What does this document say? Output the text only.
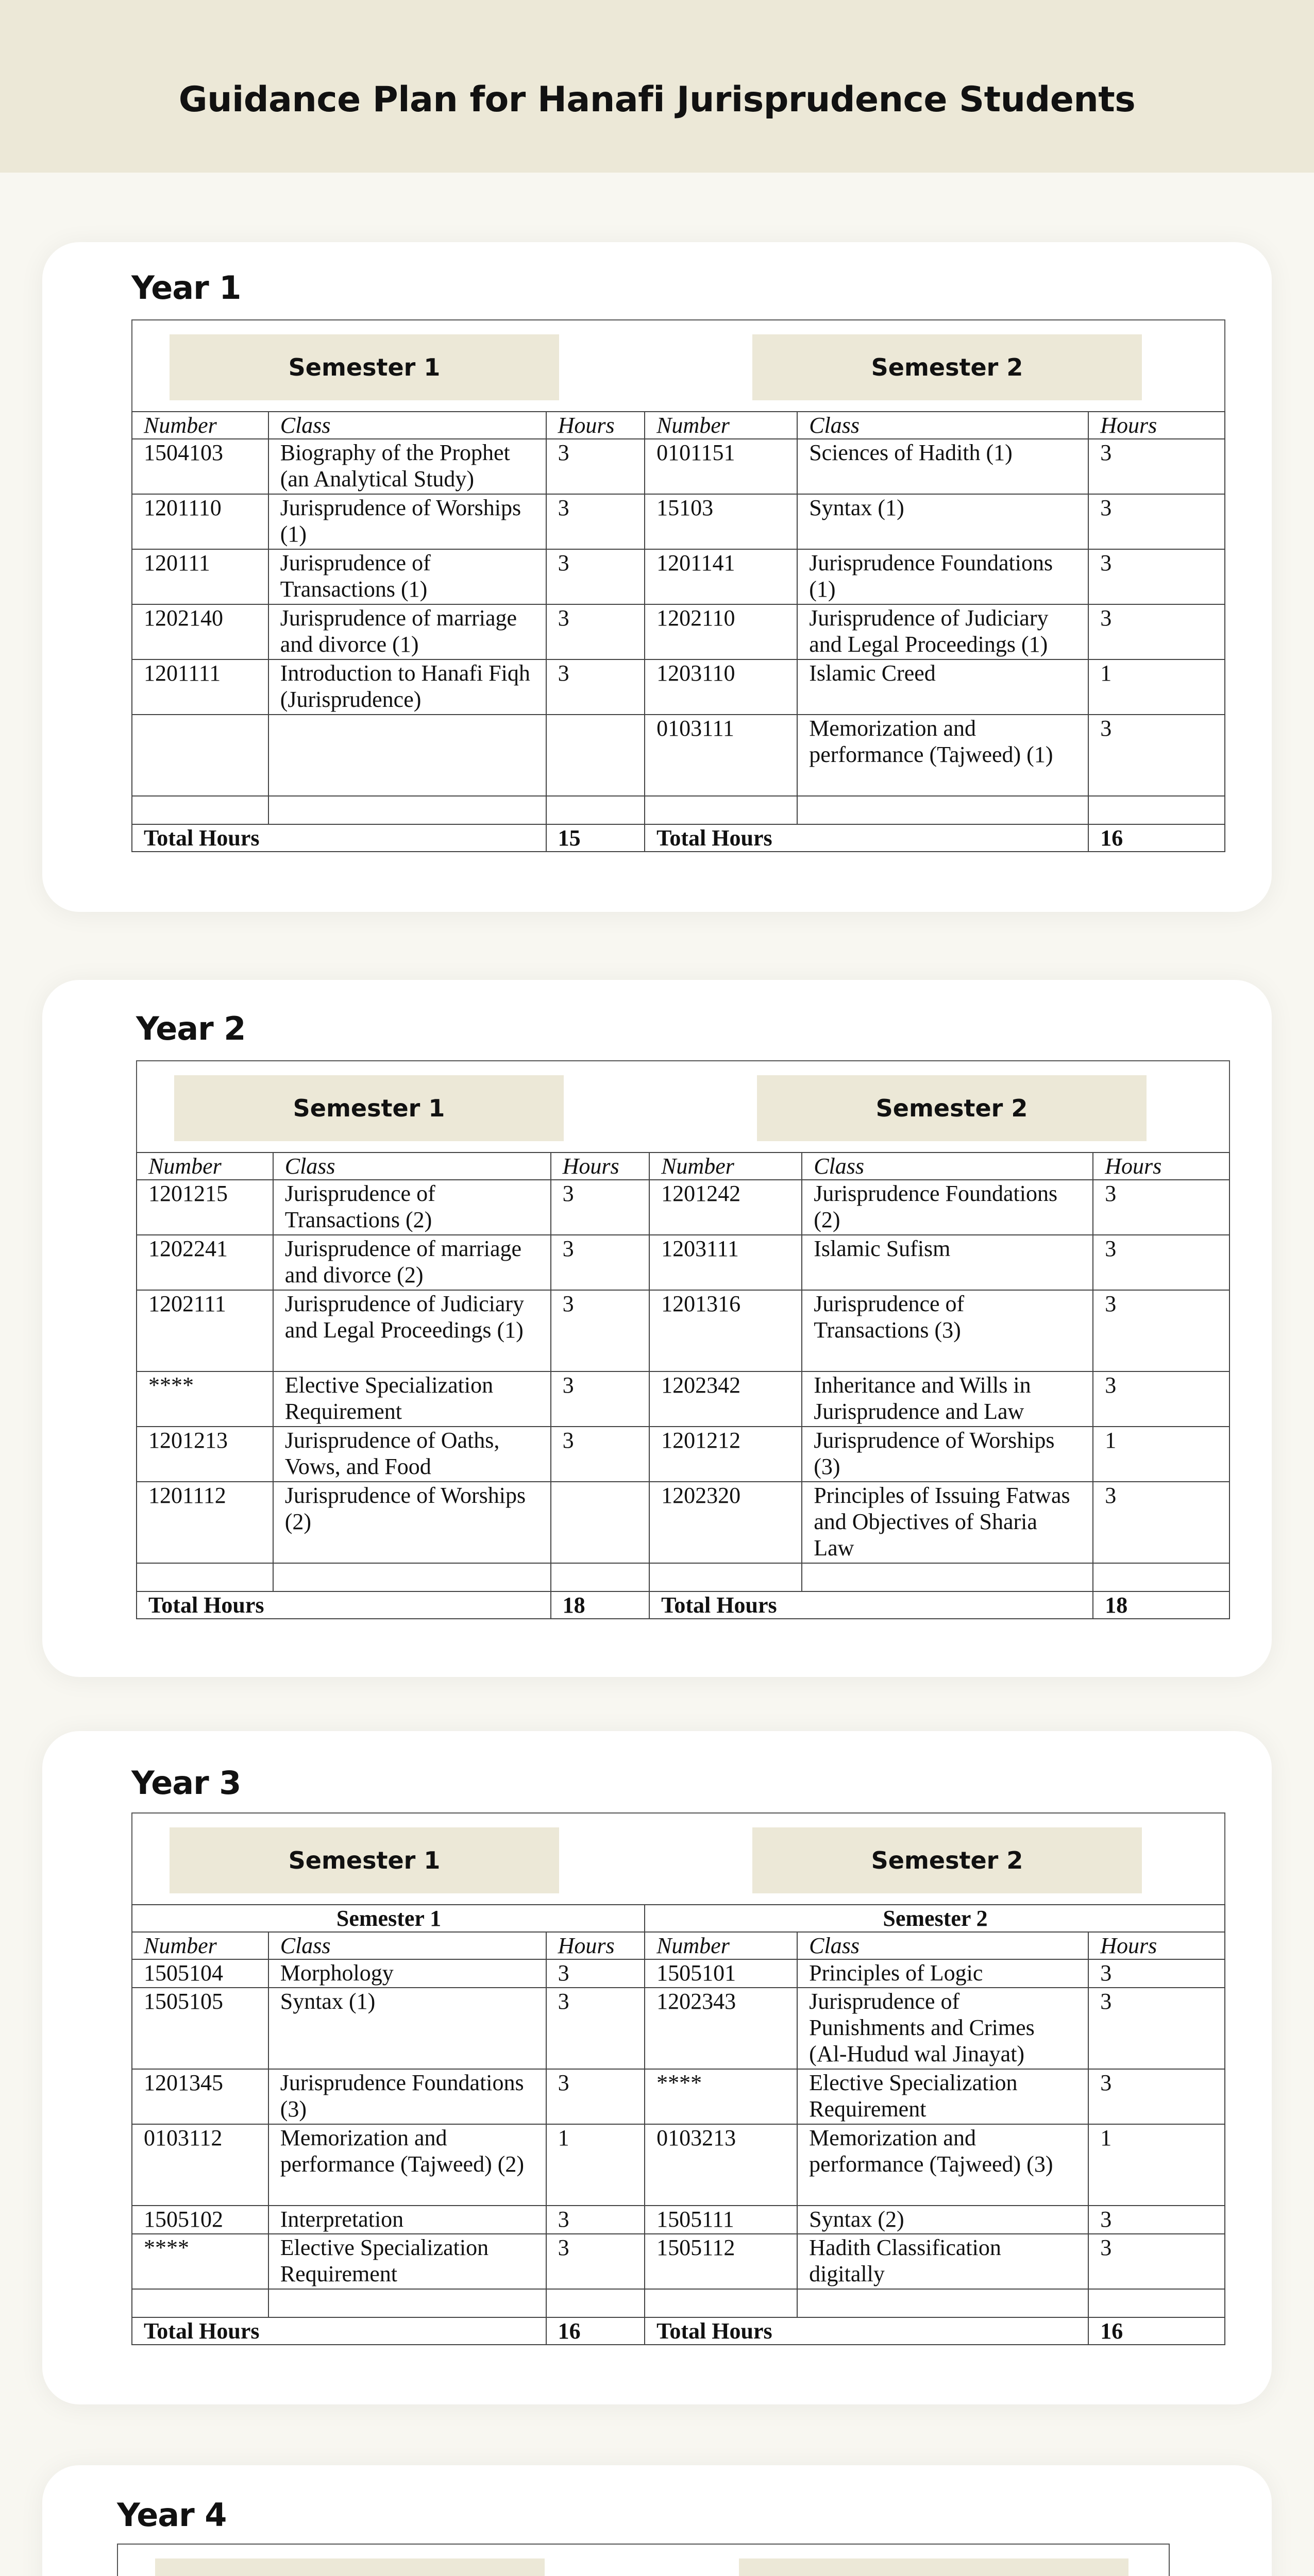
Guidance Plan for Hanafi Jurisprudence Students
Year 1
Semester 1	Semester 2
Number	Class	Hours	Number	Class	Hours
1504103	Biography of the Prophet (an Analytical Study)	3	0101151	Sciences of Hadith (1)	3
1201110	Jurisprudence of Worships (1)	3	15103	Syntax (1)	3
120111	Jurisprudence of Transactions (1)	3	1201141	Jurisprudence Foundations (1)	3
1202140	Jurisprudence of marriage and divorce (1)	3	1202110	Jurisprudence of Judiciary and Legal Proceedings (1)	3
1201111	Introduction to Hanafi Fiqh (Jurisprudence)	3	1203110	Islamic Creed	1
			0103111	Memorization and performance (Tajweed) (1)	3

Total Hours		15	Total Hours		16
Year 2
Semester 1	Semester 2
Number	Class	Hours	Number	Class	Hours
1201215	Jurisprudence of Transactions (2)	3	1201242	Jurisprudence Foundations (2)	3
1202241	Jurisprudence of marriage and divorce (2)	3	1203111	Islamic Sufism	3
1202111	Jurisprudence of Judiciary and Legal Proceedings (1)	3	1201316	Jurisprudence of Transactions (3)	3
****	Elective Specialization Requirement	3	1202342	Inheritance and Wills in Jurisprudence and Law	3
1201213	Jurisprudence of Oaths, Vows, and Food	3	1201212	Jurisprudence of Worships (3)	1
1201112	Jurisprudence of Worships (2)		1202320	Principles of Issuing Fatwas and Objectives of Sharia Law	3

Total Hours		18	Total Hours		18
Year 3
Semester 1	Semester 2
Semester 1			Semester 2		
Number	Class	Hours	Number	Class	Hours
1505104	Morphology	3	1505101	Principles of Logic	3
1505105	Syntax (1)	3	1202343	Jurisprudence of Punishments and Crimes (Al-Hudud wal Jinayat)	3
1201345	Jurisprudence Foundations (3)	3	****	Elective Specialization Requirement	3
0103112	Memorization and performance (Tajweed) (2)	1	0103213	Memorization and performance (Tajweed) (3)	1
1505102	Interpretation	3	1505111	Syntax (2)	3
****	Elective Specialization Requirement	3	1505112	Hadith Classification digitally	3

Total Hours		16	Total Hours		16
Year 4
